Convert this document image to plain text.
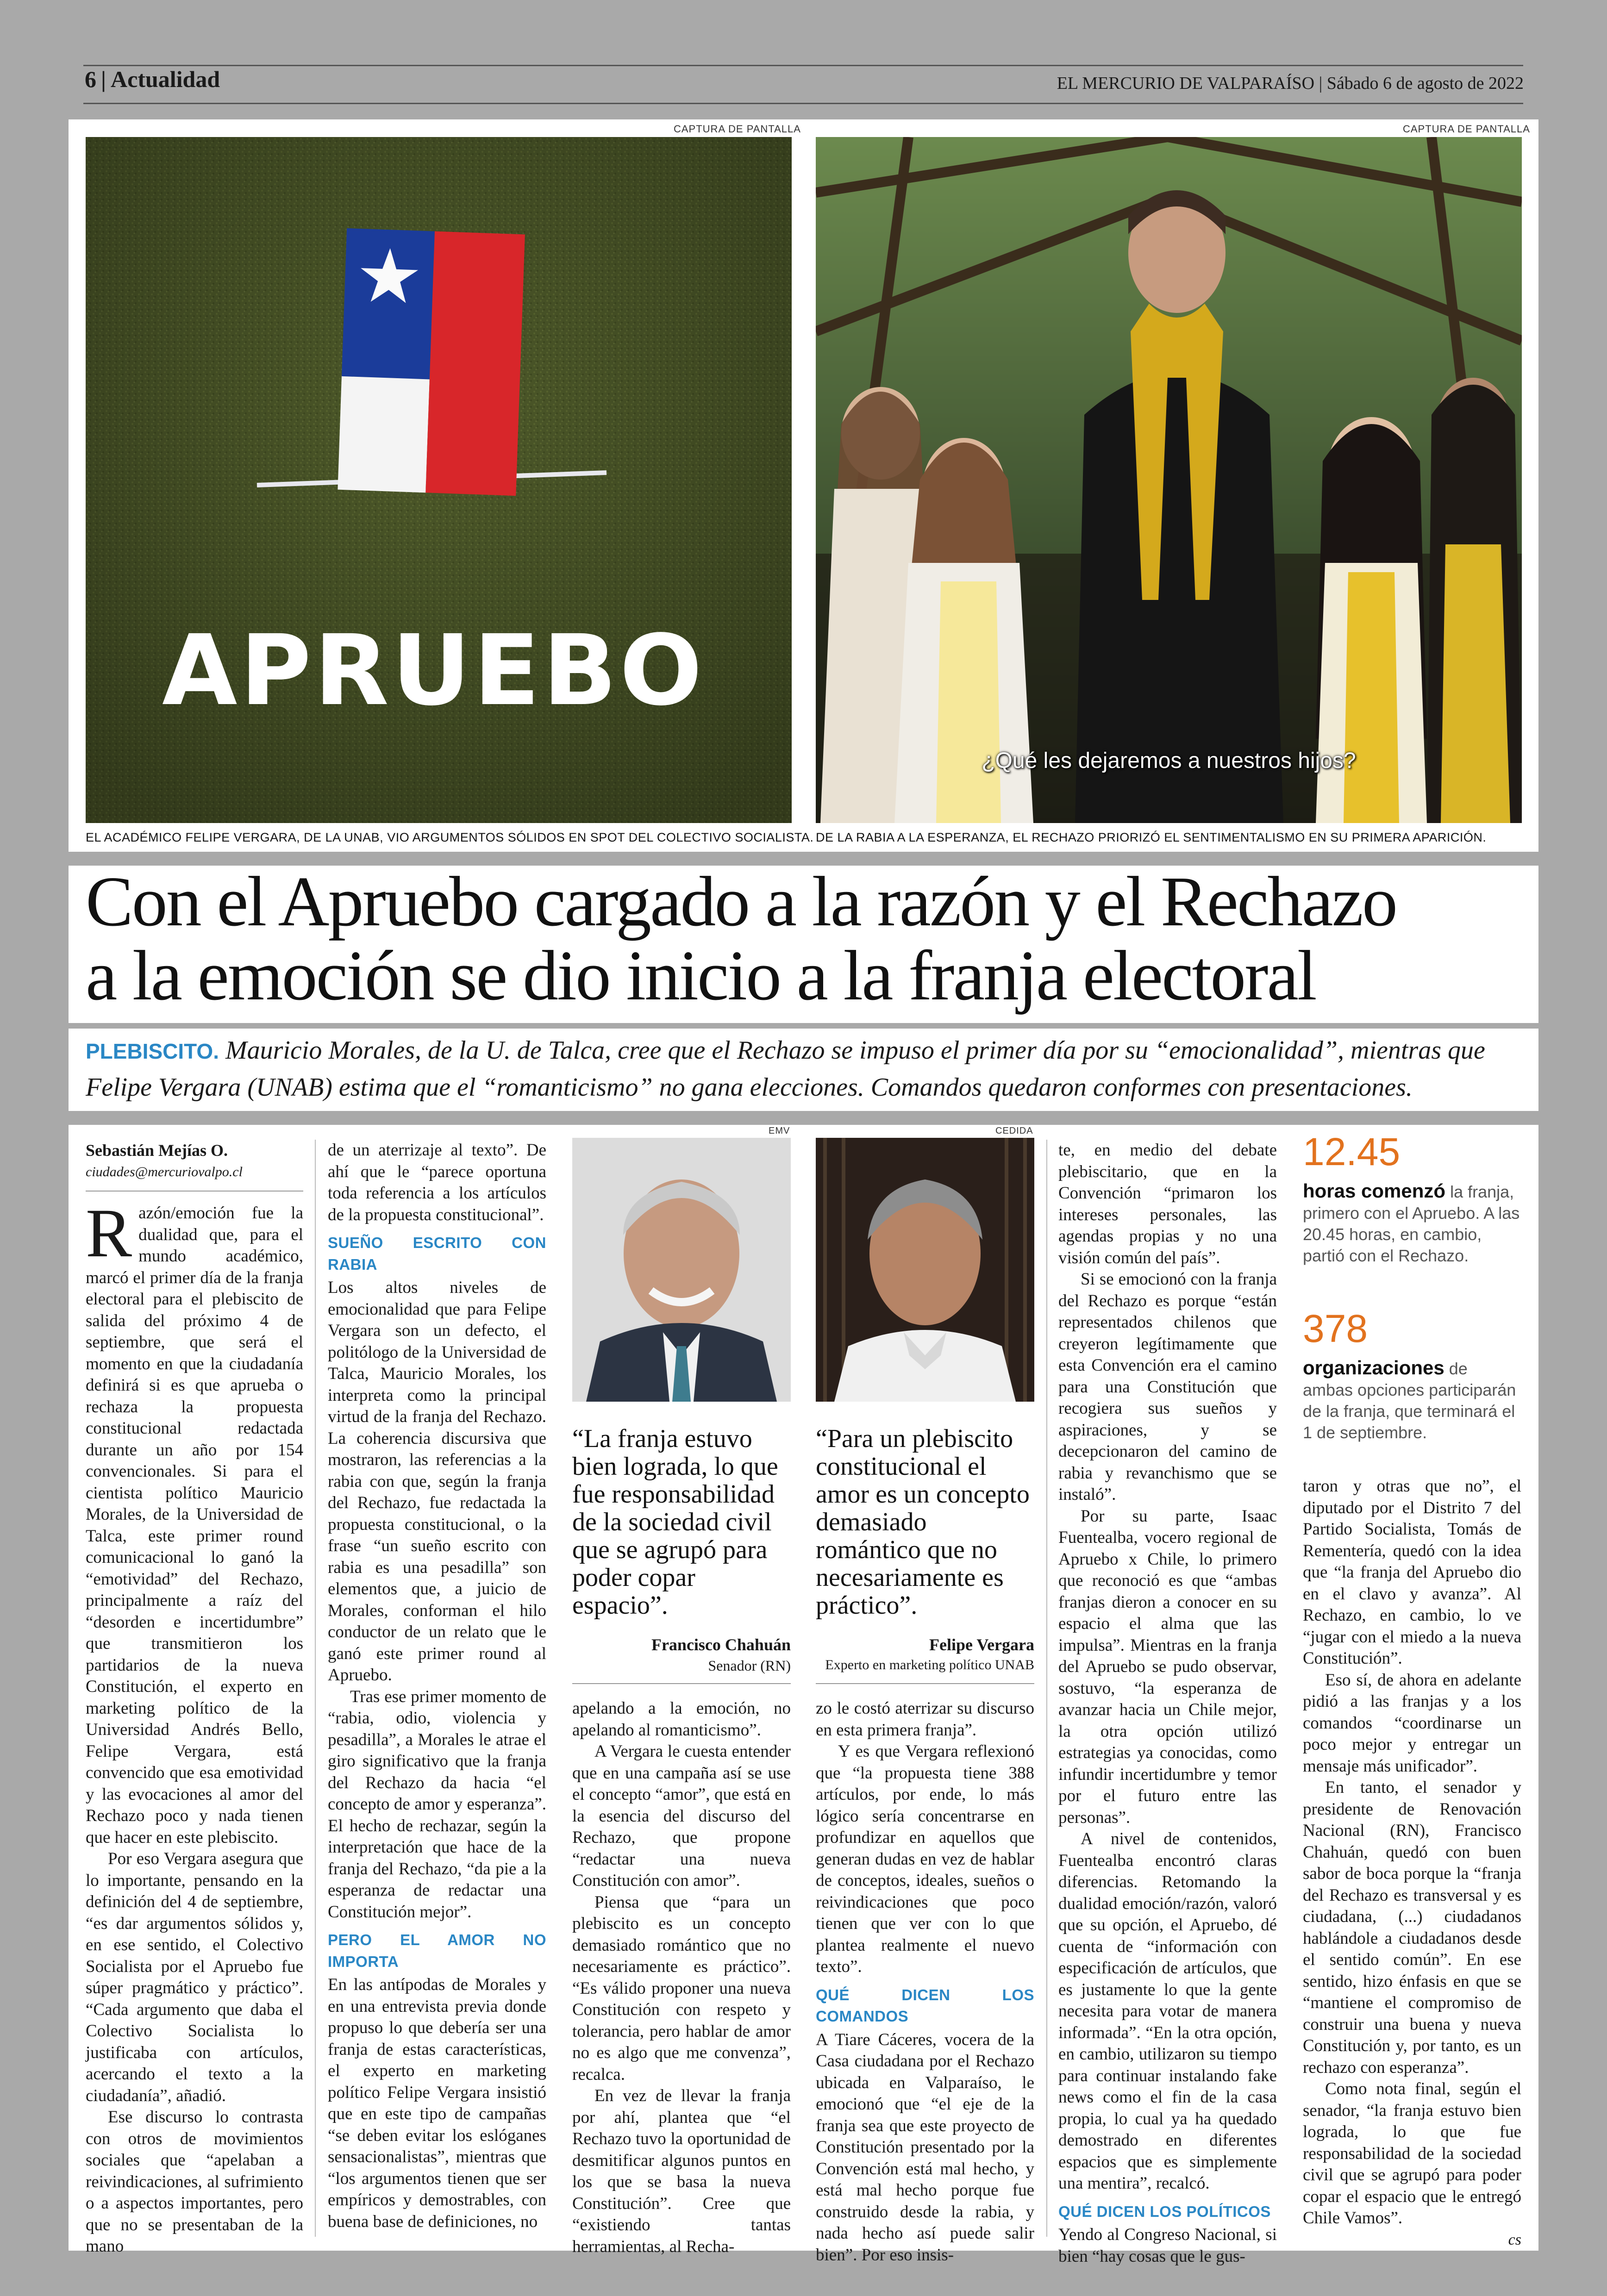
6 | Actualidad	EL MERCURIO DE VALPARAÍSO | Sábado 6 de agosto de 2022
CAPTURA DE PANTALLA
APRUEBO
EL ACADÉMICO FELIPE VERGARA, DE LA UNAB, VIO ARGUMENTOS SÓLIDOS EN SPOT DEL COLECTIVO SOCIALISTA.
CAPTURA DE PANTALLA
¿Qué les dejaremos a nuestros hijos?
DE LA RABIA A LA ESPERANZA, EL RECHAZO PRIORIZÓ EL SENTIMENTALISMO EN SU PRIMERA APARICIÓN.
Con el Apruebo cargado a la razón y el Rechazo
a la emoción se dio inicio a la franja electoral
PLEBISCITO. Mauricio Morales, de la U. de Talca, cree que el Rechazo se impuso el primer día por su “emocionalidad”, mientras que Felipe Vergara (UNAB) estima que el “romanticismo” no gana elecciones. Comandos quedaron conformes con presentaciones.
Sebastián Mejías O.
ciudades@mercuriovalpo.cl

Razón/emoción fue la dualidad que, para el mundo académico, marcó el primer día de la franja electoral para el plebiscito de salida del próximo 4 de septiembre, que será el momento en que la ciudadanía definirá si es que aprueba o rechaza la propuesta constitucional redactada durante un año por 154 convencionales. Si para el cientista político Mauricio Morales, de la Universidad de Talca, este primer round comunicacional lo ganó la “emotividad” del Rechazo, principalmente a raíz del “desorden e incertidumbre” que transmitieron los partidarios de la nueva Constitución, el experto en marketing político de la Universidad Andrés Bello, Felipe Vergara, está convencido que esa emotividad y las evocaciones al amor del Rechazo poco y nada tienen que hacer en este plebiscito.

Por eso Vergara asegura que lo importante, pensando en la definición del 4 de septiembre, “es dar argumentos sólidos y, en ese sentido, el Colectivo Socialista por el Apruebo fue súper pragmático y práctico”. “Cada argumento que daba el Colectivo Socialista lo justificaba con artículos, acercando el texto a la ciudadanía”, añadió.

Ese discurso lo contrasta con otros de movimientos sociales que “apelaban a reivindicaciones, al sufrimiento o a aspectos importantes, pero que no se presentaban de la mano

de un aterrizaje al texto”. De ahí que le “parece oportuna toda referencia a los artículos de la propuesta constitucional”.

SUEÑO ESCRITO CON RABIA

Los altos niveles de emocionalidad que para Felipe Vergara son un defecto, el politólogo de la Universidad de Talca, Mauricio Morales, los interpreta como la principal virtud de la franja del Rechazo. La coherencia discursiva que mostraron, las referencias a la rabia con que, según la franja del Rechazo, fue redactada la propuesta constitucional, o la frase “un sueño escrito con rabia es una pesadilla” son elementos que, a juicio de Morales, conforman el hilo conductor de un relato que le ganó este primer round al Apruebo.

Tras ese primer momento de “rabia, odio, violencia y pesadilla”, a Morales le atrae el giro significativo que la franja del Rechazo da hacia “el concepto de amor y esperanza”. El hecho de rechazar, según la interpretación que hace de la franja del Rechazo, “da pie a la esperanza de redactar una Constitución mejor”.

PERO EL AMOR NO IMPORTA

En las antípodas de Morales y en una entrevista previa donde propuso lo que debería ser una franja de estas características, el experto en marketing político Felipe Vergara insistió que en este tipo de campañas “se deben evitar los eslóganes sensacionalistas”, mientras que “los argumentos tienen que ser empíricos y demostrables, con buena base de definiciones, no

EMV
“La franja estuvo bien lograda, lo que fue responsabilidad de la sociedad civil que se agrupó para poder copar espacio”.
Francisco Chahuán
Senador (RN)
CEDIDA
“Para un plebiscito constitucional el amor es un concepto demasiado romántico que no necesariamente es práctico”.
Felipe Vergara
Experto en marketing político UNAB

apelando a la emoción, no apelando al romanticismo”.

A Vergara le cuesta entender que en una campaña así se use el concepto “amor”, que está en la esencia del discurso del Rechazo, que propone “redactar una nueva Constitución con amor”.

Piensa que “para un plebiscito es un concepto demasiado romántico que no necesariamente es práctico”. “Es válido proponer una nueva Constitución con respeto y tolerancia, pero hablar de amor no es algo que me convenza”, recalca.

En vez de llevar la franja por ahí, plantea que “el Rechazo tuvo la oportunidad de desmitificar algunos puntos en los que se basa la nueva Constitución”. Cree que “existiendo tantas herramientas, al Recha-

zo le costó aterrizar su discurso en esta primera franja”.

Y es que Vergara reflexionó que “la propuesta tiene 388 artículos, por ende, lo más lógico sería concentrarse en profundizar en aquellos que generan dudas en vez de hablar de conceptos, ideales, sueños o reivindicaciones que poco tienen que ver con lo que plantea realmente el nuevo texto”.

QUÉ DICEN LOS COMANDOS

A Tiare Cáceres, vocera de la Casa ciudadana por el Rechazo ubicada en Valparaíso, le emocionó que “el eje de la franja sea que este proyecto de Constitución presentado por la Convención está mal hecho, y está mal hecho porque fue construido desde la rabia, y nada hecho así puede salir bien”. Por eso insis-

te, en medio del debate plebiscitario, que en la Convención “primaron los intereses personales, las agendas propias y no una visión común del país”.

Si se emocionó con la franja del Rechazo es porque “están representados chilenos que creyeron legítimamente que esta Convención era el camino para una Constitución que recogiera sus sueños y aspiraciones, y se decepcionaron del camino de rabia y revanchismo que se instaló”.

Por su parte, Isaac Fuentealba, vocero regional de Apruebo x Chile, lo primero que reconoció es que “ambas franjas dieron a conocer en su espacio el alma que las impulsa”. Mientras en la franja del Apruebo se pudo observar, sostuvo, “la esperanza de avanzar hacia un Chile mejor, la otra opción utilizó estrategias ya conocidas, como infundir incertidumbre y temor por el futuro entre las personas”.

A nivel de contenidos, Fuentealba encontró claras diferencias. Retomando la dualidad emoción/razón, valoró que su opción, el Apruebo, dé cuenta de “información con especificación de artículos, que es justamente lo que la gente necesita para votar de manera informada”. “En la otra opción, en cambio, utilizaron su tiempo para continuar instalando fake news como el fin de la casa propia, lo cual ya ha quedado demostrado en diferentes espacios que es simplemente una mentira”, recalcó.

QUÉ DICEN LOS POLÍTICOS

Yendo al Congreso Nacional, si bien “hay cosas que le gus-

12.45
horas comenzó la franja, primero con el Apruebo. A las 20.45 horas, en cambio, partió con el Rechazo.
378
organizaciones de ambas opciones participarán de la franja, que terminará el 1 de septiembre.

taron y otras que no”, el diputado por el Distrito 7 del Partido Socialista, Tomás de Rementería, quedó con la idea que “la franja del Apruebo dio en el clavo y avanza”. Al Rechazo, en cambio, lo ve “jugar con el miedo a la nueva Constitución”.

Eso sí, de ahora en adelante pidió a las franjas y a los comandos “coordinarse un poco mejor y entregar un mensaje más unificador”.

En tanto, el senador y presidente de Renovación Nacional (RN), Francisco Chahuán, quedó con buen sabor de boca porque la “franja del Rechazo es transversal y es ciudadana, (...) ciudadanos hablándole a ciudadanos desde el sentido común”. En ese sentido, hizo énfasis en que se “mantiene el compromiso de construir una buena y nueva Constitución y, por tanto, es un rechazo con esperanza”.

Como nota final, según el senador, “la franja estuvo bien lograda, lo que fue responsabilidad de la sociedad civil que se agrupó para poder copar el espacio que le entregó Chile Vamos”.

cs
